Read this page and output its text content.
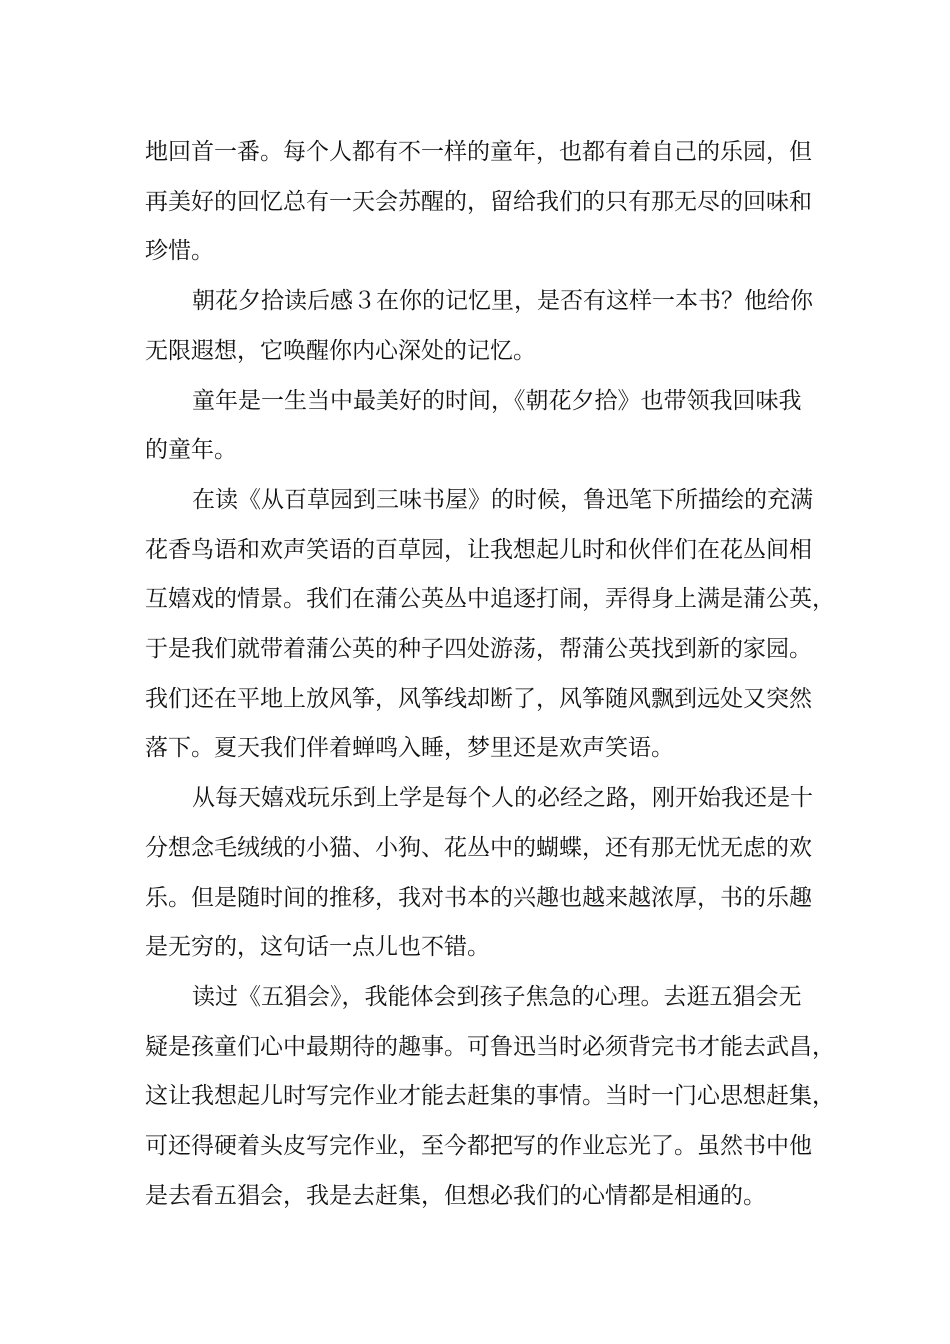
地回首一番。每个人都有不一样的童年，也都有着自己的乐园，但
再美好的回忆总有一天会苏醒的，留给我们的只有那无尽的回味和
珍惜。
朝花夕拾读后感３在你的记忆里，是否有这样一本书？他给你
无限遐想，它唤醒你内心深处的记忆。
童年是一生当中最美好的时间，《朝花夕拾》也带领我回味我
的童年。
在读《从百草园到三味书屋》的时候，鲁迅笔下所描绘的充满
花香鸟语和欢声笑语的百草园，让我想起儿时和伙伴们在花丛间相
互嬉戏的情景。我们在蒲公英丛中追逐打闹，弄得身上满是蒲公英，
于是我们就带着蒲公英的种子四处游荡，帮蒲公英找到新的家园。
我们还在平地上放风筝，风筝线却断了，风筝随风飘到远处又突然
落下。夏天我们伴着蝉鸣入睡，梦里还是欢声笑语。
从每天嬉戏玩乐到上学是每个人的必经之路，刚开始我还是十
分想念毛绒绒的小猫、小狗、花丛中的蝴蝶，还有那无忧无虑的欢
乐。但是随时间的推移，我对书本的兴趣也越来越浓厚，书的乐趣
是无穷的，这句话一点儿也不错。
读过《五猖会》，我能体会到孩子焦急的心理。去逛五猖会无
疑是孩童们心中最期待的趣事。可鲁迅当时必须背完书才能去武昌，
这让我想起儿时写完作业才能去赶集的事情。当时一门心思想赶集，
可还得硬着头皮写完作业，至今都把写的作业忘光了。虽然书中他
是去看五猖会，我是去赶集，但想必我们的心情都是相通的。
